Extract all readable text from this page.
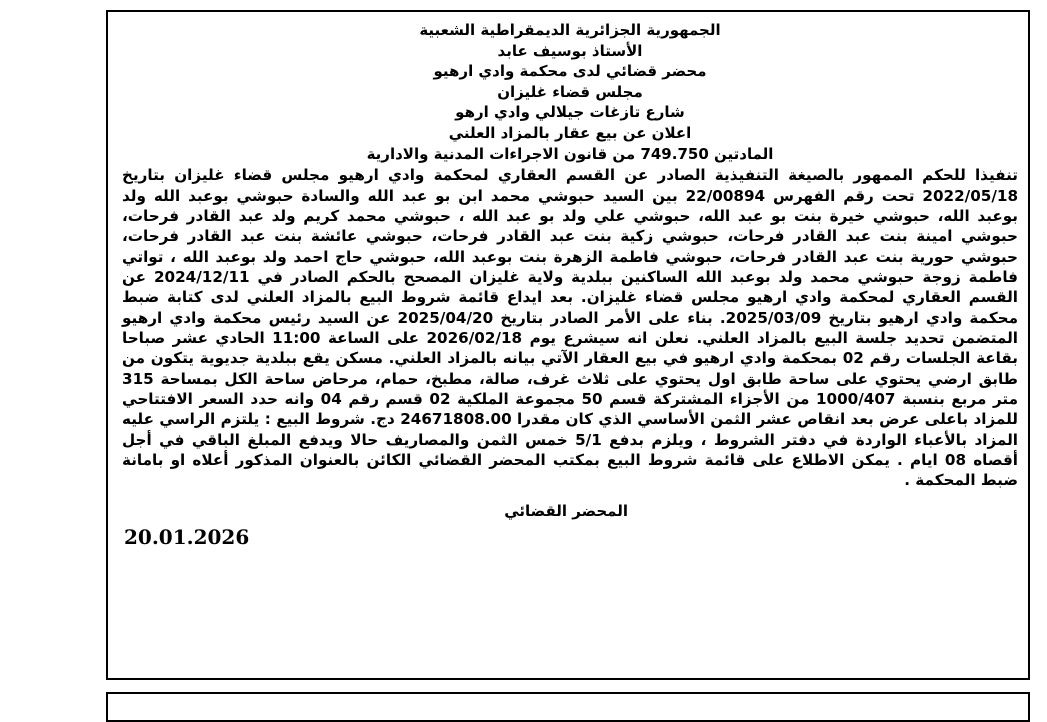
الجمهورية الجزائرية الديمقراطية الشعبية
الأستاذ بوسيف عابد
محضر قضائي لدى محكمة وادي ارهيو
مجلس قضاء غليزان
شارع تازغات جيلالي وادي ارهو
اعلان عن بيع عقار بالمزاد العلني
المادتين 749.750 من قانون الاجراءات المدنية والادارية
تنفيذا للحكم الممهور بالصيغة التنفيذية الصادر عن القسم العقاري لمحكمة وادي ارهيو مجلس قضاء غليزان بتاريخ 2022/05/18 تحت رقم الفهرس 22/00894 بين السيد حبوشي محمد ابن بو عبد الله والسادة حبوشي بوعبد الله ولد بوعبد الله، حبوشي خيرة بنت بو عبد الله، حبوشي علي ولد بو عبد الله ، حبوشي محمد كريم ولد عبد القادر فرحات، حبوشي امينة بنت عبد القادر فرحات، حبوشي زكية بنت عبد القادر فرحات، حبوشي عائشة بنت عبد القادر فرحات، حبوشي حورية بنت عبد القادر فرحات، حبوشي فاطمة الزهرة بنت بوعبد الله، حبوشي حاج احمد ولد بوعبد الله ، تواتي فاطمة زوجة حبوشي محمد ولد بوعبد الله الساكنين ببلدية ولاية غليزان المصحح بالحكم الصادر في 2024/12/11 عن القسم العقاري لمحكمة وادي ارهيو مجلس قضاء غليزان. بعد ايداع قائمة شروط البيع بالمزاد العلني لدى كتابة ضبط محكمة وادي ارهيو بتاريخ 2025/03/09. بناء على الأمر الصادر بتاريخ 2025/04/20 عن السيد رئيس محكمة وادي ارهيو المتضمن تحديد جلسة البيع بالمزاد العلني. نعلن انه سيشرع يوم 2026/02/18 على الساعة 11:00 الحادي عشر صباحا بقاعة الجلسات رقم 02 بمحكمة وادي ارهيو في بيع العقار الآتي بيانه بالمزاد العلني. مسكن يقع ببلدية جديوية يتكون من طابق ارضي يحتوي على ساحة طابق اول يحتوي على ثلاث غرف، صالة، مطبخ، حمام، مرحاض ساحة الكل بمساحة 315 متر مربع بنسبة 1000/407 من الأجزاء المشتركة قسم 50 مجموعة الملكية 02 قسم رقم 04 وانه حدد السعر الافتتاحي للمزاد باعلى عرض بعد انقاص عشر الثمن الأساسي الذي كان مقدرا 24671808.00 دج. شروط البيع : يلتزم الراسي عليه المزاد بالأعباء الواردة في دفتر الشروط ، ويلزم بدفع 5/1 خمس الثمن والمصاريف حالا ويدفع المبلغ الباقي في أجل أقصاه 08 ايام . يمكن الاطلاع على قائمة شروط البيع بمكتب المحضر القضائي الكائن بالعنوان المذكور أعلاه او بامانة ضبط المحكمة .
المحضر القضائي
20.01.2026
